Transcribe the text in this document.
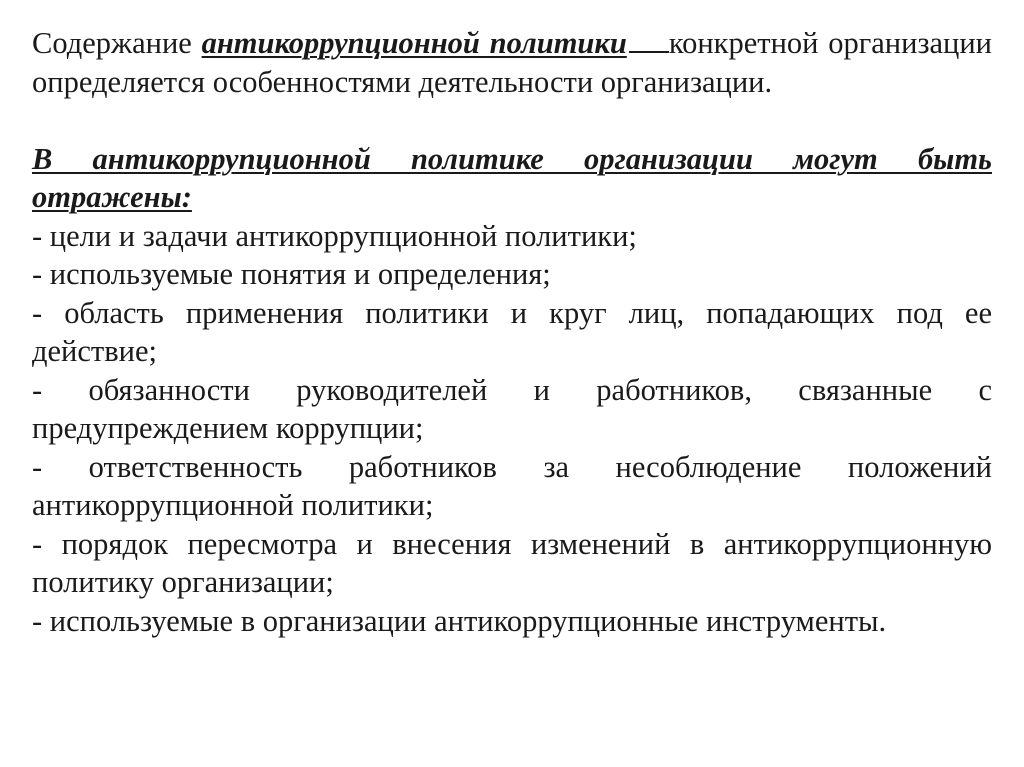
Содержание антикоррупционной политики конкретной организации определяется особенностями деятельности организации.

В антикоррупционной политике организации могут быть отражены:

- цели и задачи антикоррупционной политики;

- используемые понятия и определения;

- область применения политики и круг лиц, попадающих под ее действие;

- обязанности руководителей и работников, связанные с предупреждением коррупции;

- ответственность работников за несоблюдение положений антикоррупционной политики;

- порядок пересмотра и внесения изменений в антикоррупционную политику организации;

- используемые в организации антикоррупционные инструменты.
